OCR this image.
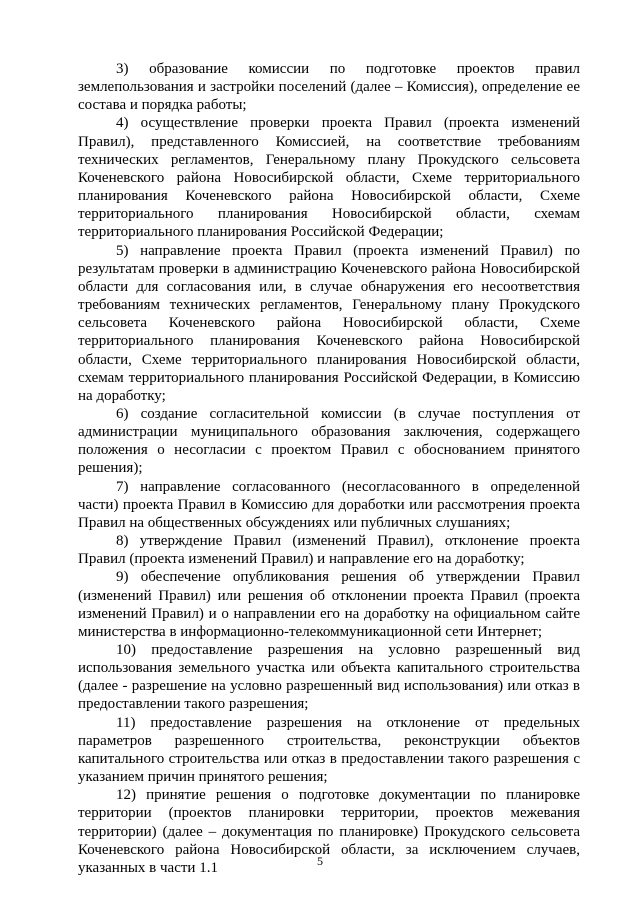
3) образование комиссии по подготовке проектов правил землепользования и застройки поселений (далее – Комиссия), определение ее состава и порядка работы;

4) осуществление проверки проекта Правил (проекта изменений Правил), представленного Комиссией, на соответствие требованиям технических регламентов, Генеральному плану Прокудского сельсовета Коченевского района Новосибирской области, Схеме территориального планирования Коченевского района Новосибирской области, Схеме территориального планирования Новосибирской области, схемам территориального планирования Российской Федерации;

5) направление проекта Правил (проекта изменений Правил) по результатам проверки в администрацию Коченевского района Новосибирской области для согласования или, в случае обнаружения его несоответствия требованиям технических регламентов, Генеральному плану Прокудского сельсовета Коченевского района Новосибирской области, Схеме территориального планирования Коченевского района Новосибирской области, Схеме территориального планирования Новосибирской области, схемам территориального планирования Российской Федерации, в Комиссию на доработку;

6) создание согласительной комиссии (в случае поступления от администрации муниципального образования заключения, содержащего положения о несогласии с проектом Правил с обоснованием принятого решения);

7) направление согласованного (несогласованного в определенной части) проекта Правил в Комиссию для доработки или рассмотрения проекта Правил на общественных обсуждениях или публичных слушаниях;

8) утверждение Правил (изменений Правил), отклонение проекта Правил (проекта изменений Правил) и направление его на доработку;

9) обеспечение опубликования решения об утверждении Правил (изменений Правил) или решения об отклонении проекта Правил (проекта изменений Правил) и о направлении его на доработку на официальном сайте министерства в информационно-телекоммуникационной сети Интернет;

10) предоставление разрешения на условно разрешенный вид использования земельного участка или объекта капитального строительства (далее - разрешение на условно разрешенный вид использования) или отказ в предоставлении такого разрешения;

11) предоставление разрешения на отклонение от предельных параметров разрешенного строительства, реконструкции объектов капитального строительства или отказ в предоставлении такого разрешения с указанием причин принятого решения;

12) принятие решения о подготовке документации по планировке территории (проектов планировки территории, проектов межевания территории) (далее – документация по планировке) Прокудского сельсовета Коченевского района Новосибирской области, за исключением случаев, указанных в части 1.1	5
